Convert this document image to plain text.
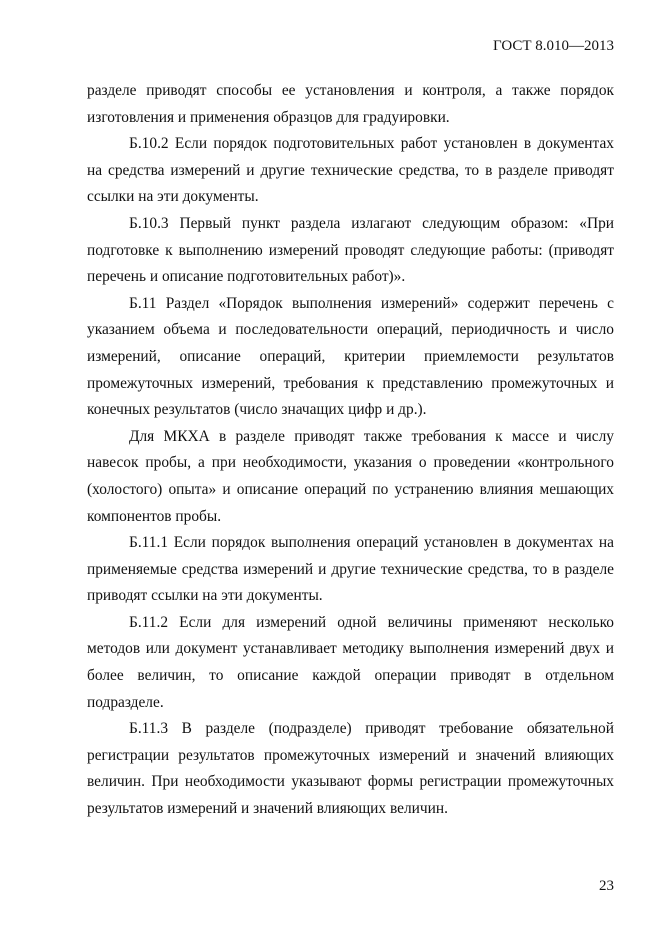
ГОСТ 8.010—2013

разделе приводят способы ее установления и контроля, а также порядок изготовления и применения образцов для градуировки.

Б.10.2 Если порядок подготовительных работ установлен в документах на средства измерений и другие технические средства, то в разделе приводят ссылки на эти документы.

Б.10.3 Первый пункт раздела излагают следующим образом: «При подготовке к выполнению измерений проводят следующие работы: (приводят перечень и описание подготовительных работ)».

Б.11 Раздел «Порядок выполнения измерений» содержит перечень с указанием объема и последовательности операций, периодичность и число измерений, описание операций, критерии приемлемости результатов промежуточных измерений, требования к представлению промежуточных и конечных результатов (число значащих цифр и др.).

Для МКХА в разделе приводят также требования к массе и числу навесок пробы, а при необходимости, указания о проведении «контрольного (холостого) опыта» и описание операций по устранению влияния мешающих компонентов пробы.

Б.11.1 Если порядок выполнения операций установлен в документах на применяемые средства измерений и другие технические средства, то в разделе приводят ссылки на эти документы.

Б.11.2 Если для измерений одной величины применяют несколько методов или документ устанавливает методику выполнения измерений двух и более величин, то описание каждой операции приводят в отдельном подразделе.

Б.11.3 В разделе (подразделе) приводят требование обязательной регистрации результатов промежуточных измерений и значений влияющих величин. При необходимости указывают формы регистрации промежуточных результатов измерений и значений влияющих величин.

23
